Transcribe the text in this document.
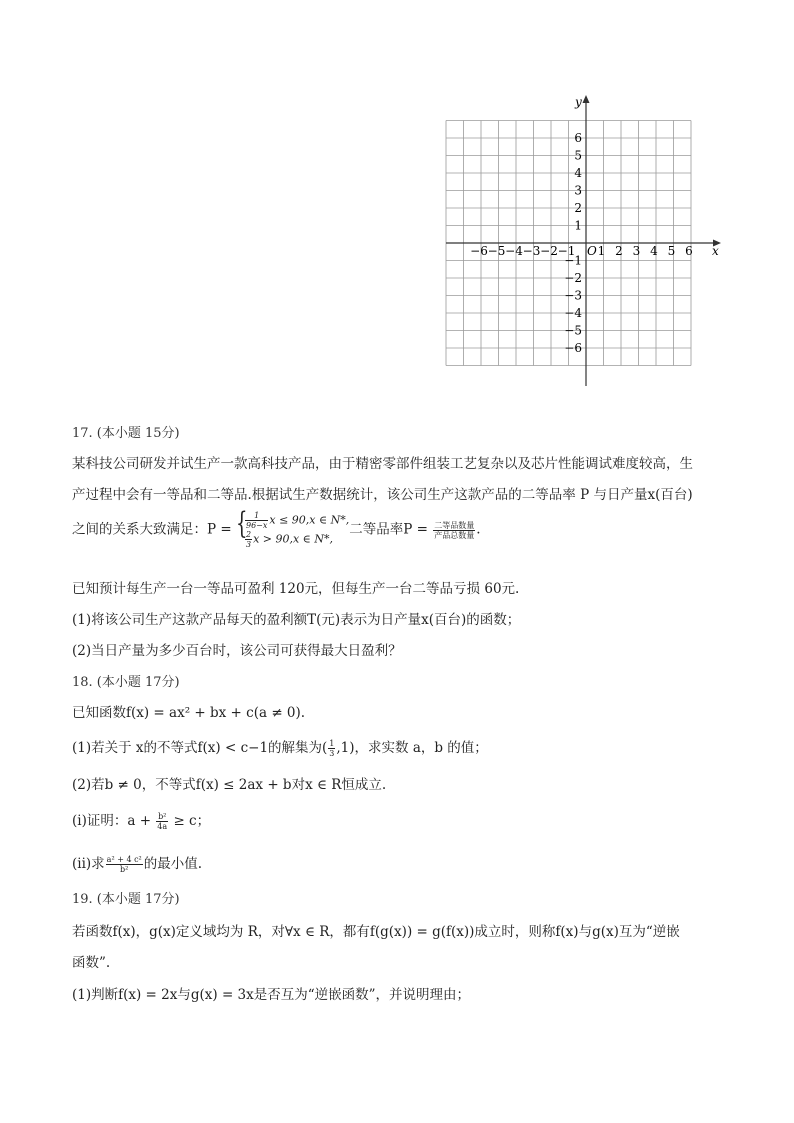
x
y
O
−6 −5 −4 −3 −2 −1 1 2 3 4 5 6
6
5
4
3
2
1
−1
−2
−3
−4
−5
−6
17. (本小题 15分)
某科技公司研发并试生产一款高科技产品，由于精密零部件组装工艺复杂以及芯片性能调试难度较高，生
产过程中会有一等品和二等品.根据试生产数据统计，该公司生产这款产品的二等品率 P 与日产量x(百台)
之间的关系大致满足：P = {
$\frac{1}{96-x}$ x ≤ 90,x ∈ N*,
$\frac{2}{3}$ x > 90,x ∈ N*,
二等品率$P = \frac{\text{二等品数量}}{\text{产品总数量}}$ .
已知预计每生产一台一等品可盈利 120元，但每生产一台二等品亏损 60元.
(1)将该公司生产这款产品每天的盈利额T(元)表示为日产量x(百台)的函数；
(2)当日产量为多少百台时，该公司可获得最大日盈利？
18. (本小题 17分)
已知函数f(x) = ax² + bx + c(a ≠ 0).
(1)若关于 x的不等式f(x) < c−1的解集为( $\frac{1}{3} ,1$)，求实数 a，b 的值；
(2)若b ≠ 0，不等式f(x) ≤ 2ax + b对x ∈ R恒成立.
(i)证明：$a + \frac{\text{b²}}{4a} \ge c$；
(ii)求 $\frac{\text{a² + 4 c²}}{\text{b²}}$ 的最小值.
19. (本小题 17分)
若函数f(x)，g(x)定义域均为 R，对∀x ∈ R，都有f(g(x)) = g(f(x))成立时，则称f(x)与g(x)互为“逆嵌
函数”.
(1)判断f(x) = 2x与g(x) = 3x是否互为“逆嵌函数”，并说明理由；
